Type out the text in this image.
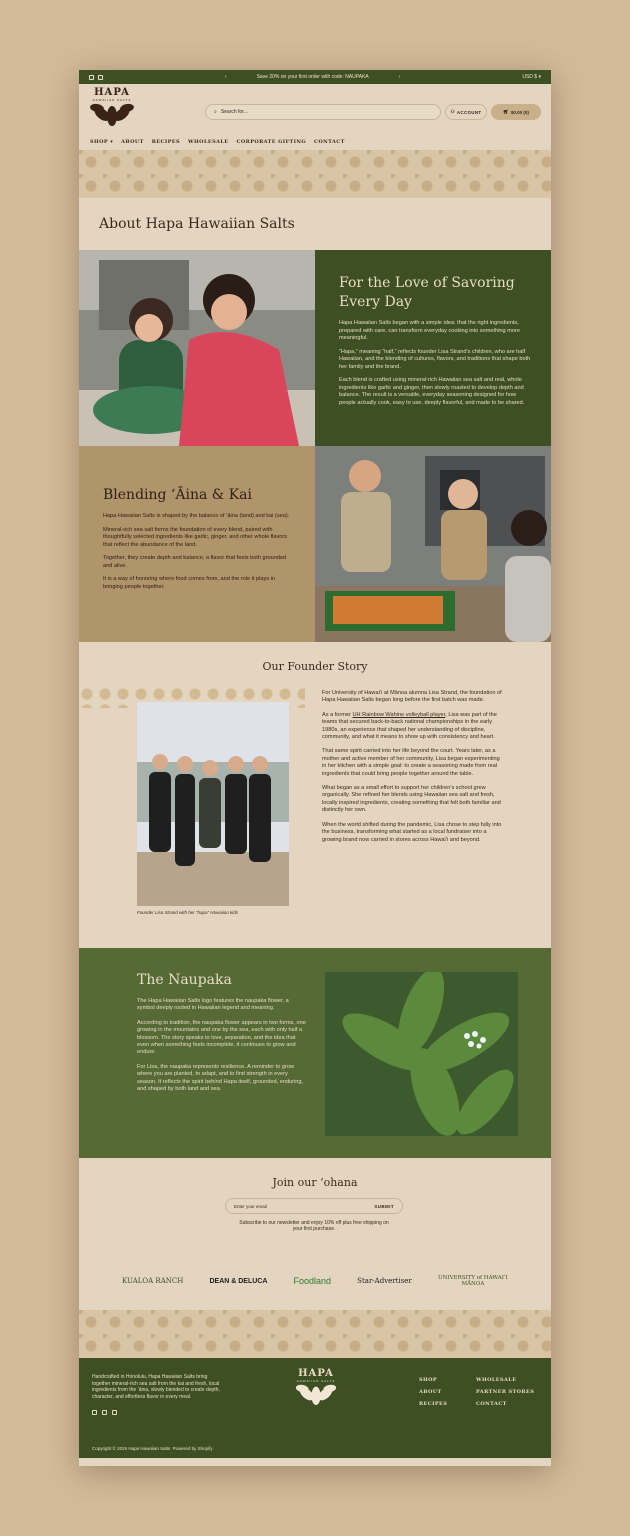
‹	Save 20% on your first order with code: NAUPAKA	›	USD $ ▾
HAPA
HAWAIIAN SALTS
⌕ Search for...	⚇ ACCOUNT	🛒︎ $0.00 (0)
SHOP ▾ ABOUT RECIPES WHOLESALE CORPORATE GIFTING CONTACT
About Hapa Hawaiian Salts
For the Love of Savoring Every Day

Hapa Hawaiian Salts began with a simple idea: that the right ingredients, prepared with care, can transform everyday cooking into something more meaningful.

“Hapa,” meaning “half,” reflects founder Lisa Strand’s children, who are half Hawaiian, and the blending of cultures, flavors, and traditions that shape both her family and the brand.

Each blend is crafted using mineral-rich Hawaiian sea salt and real, whole ingredients like garlic and ginger, then slowly roasted to develop depth and balance. The result is a versatile, everyday seasoning designed for how people actually cook, easy to use, deeply flavorful, and made to be shared.

Blending ʻĀina & Kai

Hapa Hawaiian Salts is shaped by the balance of ʻāina (land) and kai (sea).

Mineral-rich sea salt forms the foundation of every blend, paired with thoughtfully selected ingredients like garlic, ginger, and other whole flavors that reflect the abundance of the land.

Together, they create depth and balance, a flavor that feels both grounded and alive.

It is a way of honoring where food comes from, and the role it plays in bringing people together.

Our Founder Story
Founder Lisa Strand with her “hapa” Hawaiian kids

For University of Hawaiʻi at Mānoa alumna Lisa Strand, the foundation of Hapa Hawaiian Salts began long before the first batch was made.

As a former UH Rainbow Wahine volleyball player, Lisa was part of the teams that secured back-to-back national championships in the early 1980s, an experience that shaped her understanding of discipline, community, and what it means to show up with consistency and heart.

That same spirit carried into her life beyond the court. Years later, as a mother and active member of her community, Lisa began experimenting in her kitchen with a simple goal: to create a seasoning made from real ingredients that could bring people together around the table.

What began as a small effort to support her children’s school grew organically. She refined her blends using Hawaiian sea salt and fresh, locally inspired ingredients, creating something that felt both familiar and distinctly her own.

When the world shifted during the pandemic, Lisa chose to step fully into the business, transforming what started as a local fundraiser into a growing brand now carried in stores across Hawaiʻi and beyond.

The Naupaka

The Hapa Hawaiian Salts logo features the naupaka flower, a symbol deeply rooted in Hawaiian legend and meaning.

According to tradition, the naupaka flower appears in two forms, one growing in the mountains and one by the sea, each with only half a blossom. The story speaks to love, separation, and the idea that even when something feels incomplete, it continues to grow and endure.

For Lisa, the naupaka represents resilience. A reminder to grow where you are planted, to adapt, and to find strength in every season. It reflects the spirit behind Hapa itself, grounded, enduring, and shaped by both land and sea.

Join our ʻohana
Enter your email	SUBMIT
Subscribe to our newsletter and enjoy 10% off plus free shipping on your first purchase.
KUALOA RANCH	DEAN & DELUCA	Foodland	Star-Advertiser	UNIVERSITY of HAWAIʻI MĀNOA
Handcrafted in Honolulu, Hapa Hawaiian Salts bring together mineral-rich sea salt from the kai and fresh, local ingredients from the ʻāina, slowly blended to create depth, character, and effortless flavor in every meal.
HAPA
HAWAIIAN SALTS	SHOP
ABOUT
RECIPES
WHOLESALE
PARTNER STORES
CONTACT
Copyright © 2026 Hapa Hawaiian Salts. Powered by Shopify
